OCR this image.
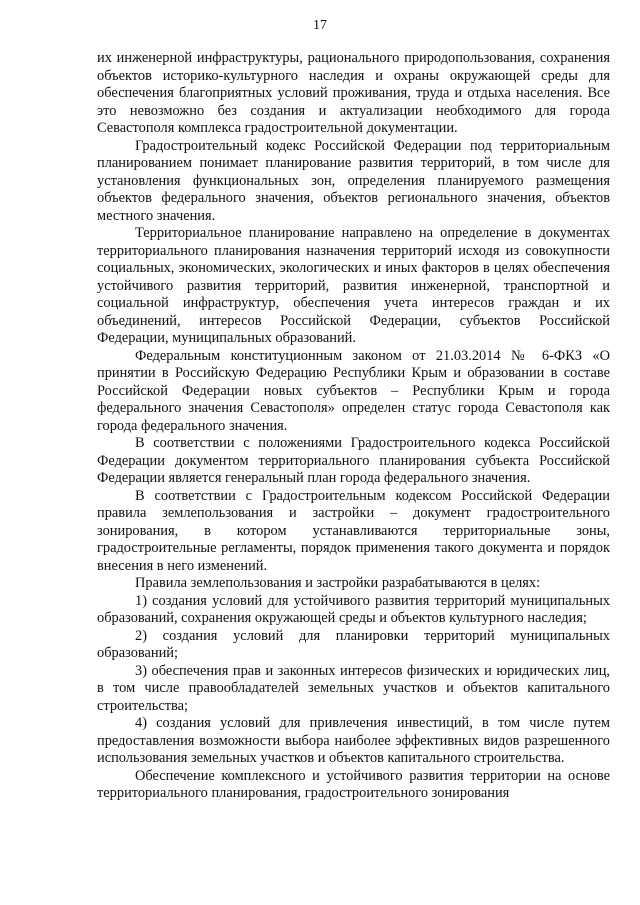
17

их инженерной инфраструктуры, рационального природопользования, сохранения объектов историко-культурного наследия и охраны окружающей среды для обеспечения благоприятных условий проживания, труда и отдыха населения. Все это невозможно без создания и актуализации необходимого для города Севастополя комплекса градостроительной документации.

Градостроительный кодекс Российской Федерации под территориальным планированием понимает планирование развития территорий, в том числе для установления функциональных зон, определения планируемого размещения объектов федерального значения, объектов регионального значения, объектов местного значения.

Территориальное планирование направлено на определение в документах территориального планирования назначения территорий исходя из совокупности социальных, экономических, экологических и иных факторов в целях обеспечения устойчивого развития территорий, развития инженерной, транспортной и социальной инфраструктур, обеспечения учета интересов граждан и их объединений, интересов Российской Федерации, субъектов Российской Федерации, муниципальных образований.

Федеральным конституционным законом от 21.03.2014 № 6-ФКЗ «О принятии в Российскую Федерацию Республики Крым и образовании в составе Российской Федерации новых субъектов – Республики Крым и города федерального значения Севастополя» определен статус города Севастополя как города федерального значения.

В соответствии с положениями Градостроительного кодекса Российской Федерации документом территориального планирования субъекта Российской Федерации является генеральный план города федерального значения.

В соответствии с Градостроительным кодексом Российской Федерации правила землепользования и застройки – документ градостроительного зонирования, в котором устанавливаются территориальные зоны, градостроительные регламенты, порядок применения такого документа и порядок внесения в него изменений.

Правила землепользования и застройки разрабатываются в целях:

1) создания условий для устойчивого развития территорий муниципальных образований, сохранения окружающей среды и объектов культурного наследия;

2) создания условий для планировки территорий муниципальных образований;

3) обеспечения прав и законных интересов физических и юридических лиц, в том числе правообладателей земельных участков и объектов капитального строительства;

4) создания условий для привлечения инвестиций, в том числе путем предоставления возможности выбора наиболее эффективных видов разрешенного использования земельных участков и объектов капитального строительства.

Обеспечение комплексного и устойчивого развития территории на основе территориального планирования, градостроительного зонирования
